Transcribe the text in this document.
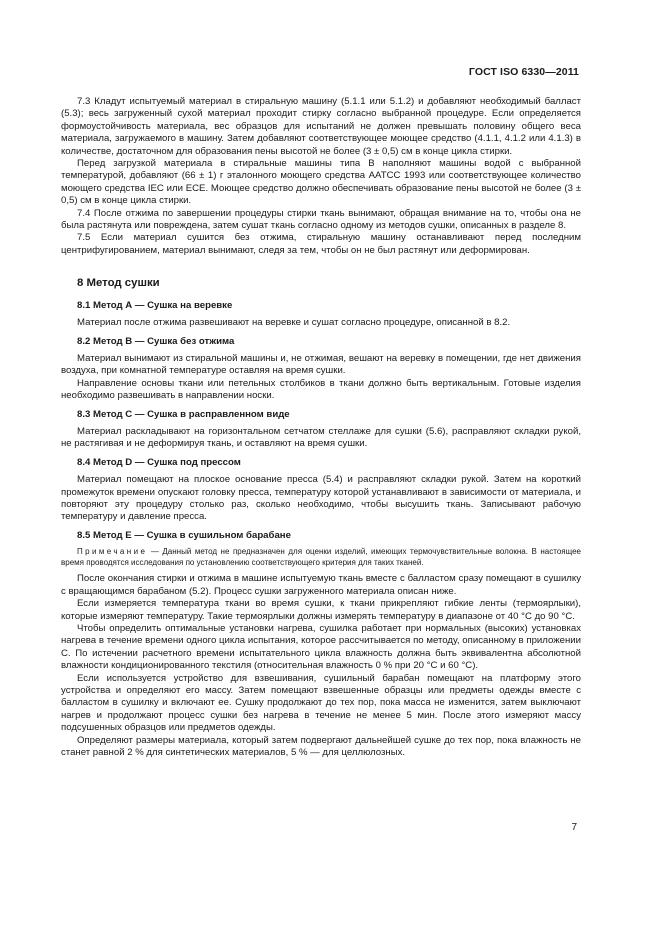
ГОСТ ISO 6330—2011

7.3 Кладут испытуемый материал в стиральную машину (5.1.1 или 5.1.2) и добавляют необходимый балласт (5.3); весь загруженный сухой материал проходит стирку согласно выбранной процедуре. Если определяется формоустойчивость материала, вес образцов для испытаний не должен превышать половину общего веса материала, загружаемого в машину. Затем добавляют соответствующее моющее средство (4.1.1, 4.1.2 или 4.1.3) в количестве, достаточном для образования пены высотой не более (3 ± 0,5) см в конце цикла стирки.

Перед загрузкой материала в стиральные машины типа В наполняют машины водой с выбранной температурой, добавляют (66 ± 1) г эталонного моющего средства AATCC 1993 или соответствующее количество моющего средства IEC или ECE. Моющее средство должно обеспечивать образование пены высотой не более (3 ± 0,5) см в конце цикла стирки.

7.4 После отжима по завершении процедуры стирки ткань вынимают, обращая внимание на то, чтобы она не была растянута или повреждена, затем сушат ткань согласно одному из методов сушки, описанных в разделе 8.

7.5 Если материал сушится без отжима, стиральную машину останавливают перед последним центрифугированием, материал вынимают, следя за тем, чтобы он не был растянут или деформирован.

8 Метод сушки
8.1 Метод А — Сушка на веревке

Материал после отжима развешивают на веревке и сушат согласно процедуре, описанной в 8.2.

8.2 Метод В — Сушка без отжима

Материал вынимают из стиральной машины и, не отжимая, вешают на веревку в помещении, где нет движения воздуха, при комнатной температуре оставляя на время сушки.

Направление основы ткани или петельных столбиков в ткани должно быть вертикальным. Готовые изделия необходимо развешивать в направлении носки.

8.3 Метод С — Сушка в расправленном виде

Материал раскладывают на горизонтальном сетчатом стеллаже для сушки (5.6), расправляют складки рукой, не растягивая и не деформируя ткань, и оставляют на время сушки.

8.4 Метод D — Сушка под прессом

Материал помещают на плоское основание пресса (5.4) и расправляют складки рукой. Затем на короткий промежуток времени опускают головку пресса, температуру которой устанавливают в зависимости от материала, и повторяют эту процедуру столько раз, сколько необходимо, чтобы высушить ткань. Записывают рабочую температуру и давление пресса.

8.5 Метод Е — Сушка в сушильном барабане

Примечание — Данный метод не предназначен для оценки изделий, имеющих термочувствительные волокна. В настоящее время проводятся исследования по установлению соответствующего критерия для таких тканей.

После окончания стирки и отжима в машине испытуемую ткань вместе с балластом сразу помещают в сушилку с вращающимся барабаном (5.2). Процесс сушки загруженного материала описан ниже.

Если измеряется температура ткани во время сушки, к ткани прикрепляют гибкие ленты (термоярлыки), которые измеряют температуру. Такие термоярлыки должны измерять температуру в диапазоне от 40 °С до 90 °С.

Чтобы определить оптимальные установки нагрева, сушилка работает при нормальных (высоких) установках нагрева в течение времени одного цикла испытания, которое рассчитывается по методу, описанному в приложении С. По истечении расчетного времени испытательного цикла влажность должна быть эквивалентна абсолютной влажности кондиционированного текстиля (относительная влажность 0 % при 20 °С и 60 °С).

Если используется устройство для взвешивания, сушильный барабан помещают на платформу этого устройства и определяют его массу. Затем помещают взвешенные образцы или предметы одежды вместе с балластом в сушилку и включают ее. Сушку продолжают до тех пор, пока масса не изменится, затем выключают нагрев и продолжают процесс сушки без нагрева в течение не менее 5 мин. После этого измеряют массу подсушенных образцов или предметов одежды.

Определяют размеры материала, который затем подвергают дальнейшей сушке до тех пор, пока влажность не станет равной 2 % для синтетических материалов, 5 % — для целлюлозных.

7
